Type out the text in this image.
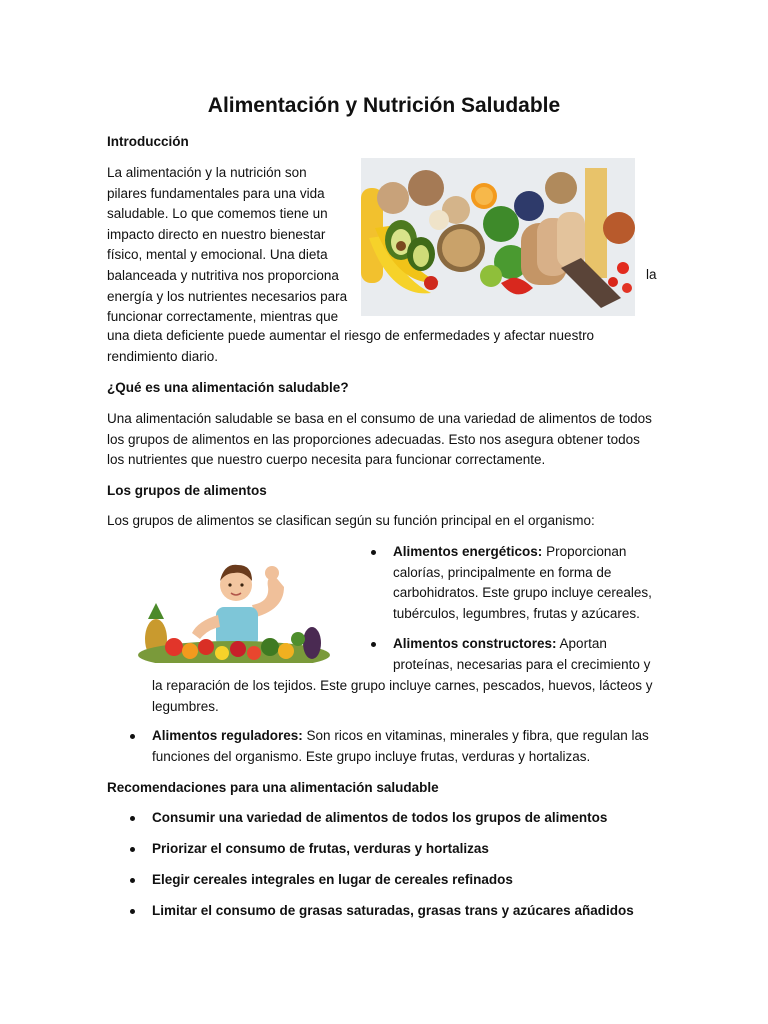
Alimentación y Nutrición Saludable

Introducción

La alimentación y la nutrición son
pilares fundamentales para una vida
saludable. Lo que comemos tiene un
impacto directo en nuestro bienestar
físico, mental y emocional. Una dieta
balanceada y nutritiva nos proporciona
energía y los nutrientes necesarios para
funcionar correctamente, mientras que

la

una dieta deficiente puede aumentar el riesgo de enfermedades y afectar nuestro
rendimiento diario.

¿Qué es una alimentación saludable?

Una alimentación saludable se basa en el consumo de una variedad de alimentos de todos
los grupos de alimentos en las proporciones adecuadas. Esto nos asegura obtener todos
los nutrientes que nuestro cuerpo necesita para funcionar correctamente.

Los grupos de alimentos

Los grupos de alimentos se clasifican según su función principal en el organismo:

Alimentos energéticos: Proporcionan
calorías, principalmente en forma de
carbohidratos. Este grupo incluye cereales,
tubérculos, legumbres, frutas y azúcares.
Alimentos constructores: Aportan
proteínas, necesarias para el crecimiento y
la reparación de los tejidos. Este grupo incluye carnes, pescados, huevos, lácteos y
legumbres.
Alimentos reguladores: Son ricos en vitaminas, minerales y fibra, que regulan las
funciones del organismo. Este grupo incluye frutas, verduras y hortalizas.

Recomendaciones para una alimentación saludable

Consumir una variedad de alimentos de todos los grupos de alimentos
Priorizar el consumo de frutas, verduras y hortalizas
Elegir cereales integrales en lugar de cereales refinados
Limitar el consumo de grasas saturadas, grasas trans y azúcares añadidos
